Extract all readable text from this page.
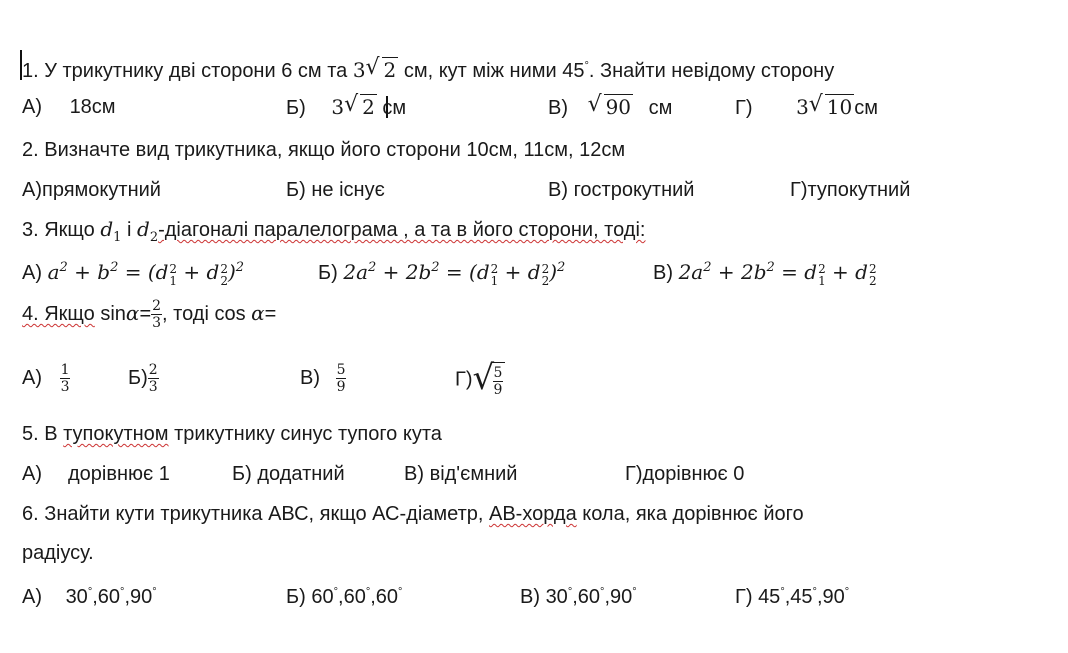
1. У трикутнику дві сторони 6 см та 3 √ 2 см, кут між ними 45°. Знайти невідому сторону
А) 18см	Б) 3 √ 2 см	В) √ 90 см	Г) 3 √ 10 см
2. Визначте вид трикутника, якщо його сторони 10см, 11см, 12см
А)прямокутний	Б) не існує	В) гострокутний	Г)тупокутний
3. Якщо $d_1$ і $d_2$-діагоналі паралелограма , а та в його сторони, тоді:
А) $a^2 + b^2 = (d$ 2
1 + d 2
2 )$^2$	Б) $2a^2 + 2b^2 = (d$ 2
1 + d 2
2 )$^2$	В) $2a^2 + 2b^2 = d$ 2
1 + d 2
2
4. Якщо $\sin\alpha= \frac{2}{3}$ , тоді cos α=
$А) \frac{1}{3}$	$Б) \frac{2}{3}$	$В) \frac{5}{9}$	Г) √
$\frac{5}{9}$
5. В тупокутном трикутнику синус тупого кута
А) дорівнює 1	Б) додатний	В) від'ємний	Г)дорівнює 0
6. Знайти кути трикутника АВС, якщо АС-діаметр, АВ-хорда кола, яка дорівнює його
радіусу.
А) 30°,60°,90°	Б) 60°,60°,60°	В) 30°,60°,90°	Г) 45°,45°,90°
